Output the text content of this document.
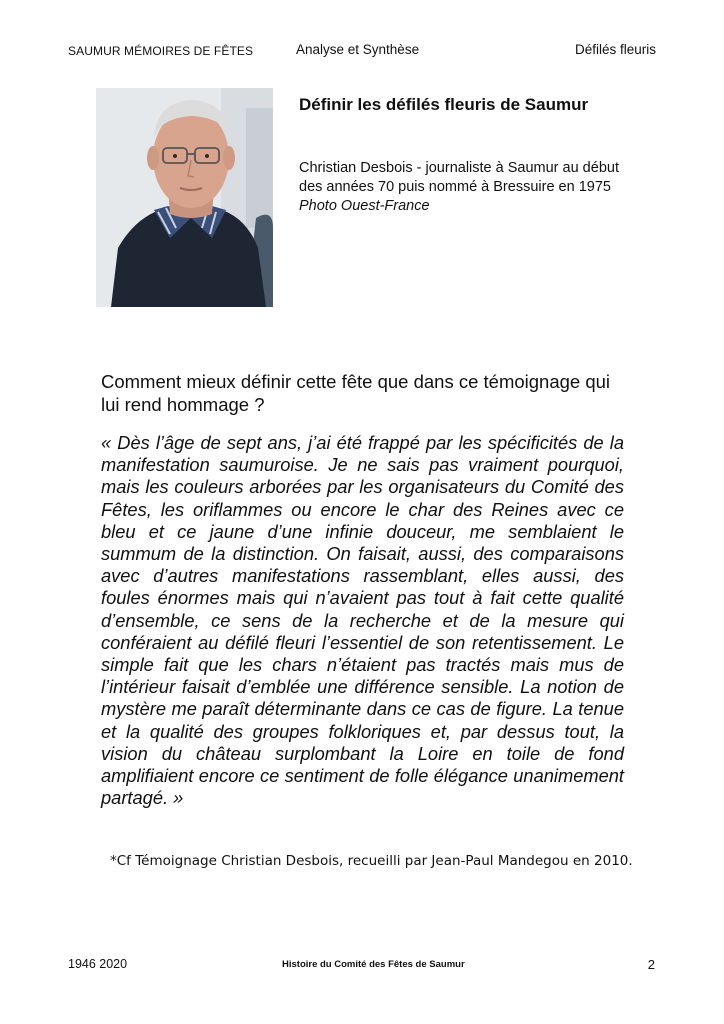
SAUMUR MÉMOIRES DE FÊTES	Analyse et Synthèse	Défilés fleuris
Définir les défilés fleuris de Saumur
Christian Desbois - journaliste à Saumur au début
des années 70 puis nommé à Bressuire en 1975
Photo Ouest-France
Comment mieux définir cette fête que dans ce témoignage qui lui rend hommage ?
« Dès l’âge de sept ans, j’ai été frappé par les spécificités de la manifestation saumuroise. Je ne sais pas vraiment pourquoi, mais les couleurs arborées par les organisateurs du Comité des Fêtes, les oriflammes ou encore le char des Reines avec ce bleu et ce jaune d’une infinie douceur, me semblaient le summum de la distinction. On faisait, aussi, des comparaisons avec d’autres manifestations rassemblant, elles aussi, des foules énormes mais qui n’avaient pas tout à fait cette qualité d’ensemble, ce sens de la recherche et de la mesure qui conféraient au défilé fleuri l’essentiel de son retentissement. Le simple fait que les chars n’étaient pas tractés mais mus de l’intérieur faisait d’emblée une différence sensible. La notion de mystère me paraît déterminante dans ce cas de figure. La tenue et la qualité des groupes folkloriques et, par dessus tout, la vision du château surplombant la Loire en toile de fond amplifiaient encore ce sentiment de folle élégance unanimement partagé. »
*Cf Témoignage Christian Desbois, recueilli par Jean-Paul Mandegou en 2010.
1946 2020	Histoire du Comité des Fêtes de Saumur	2
